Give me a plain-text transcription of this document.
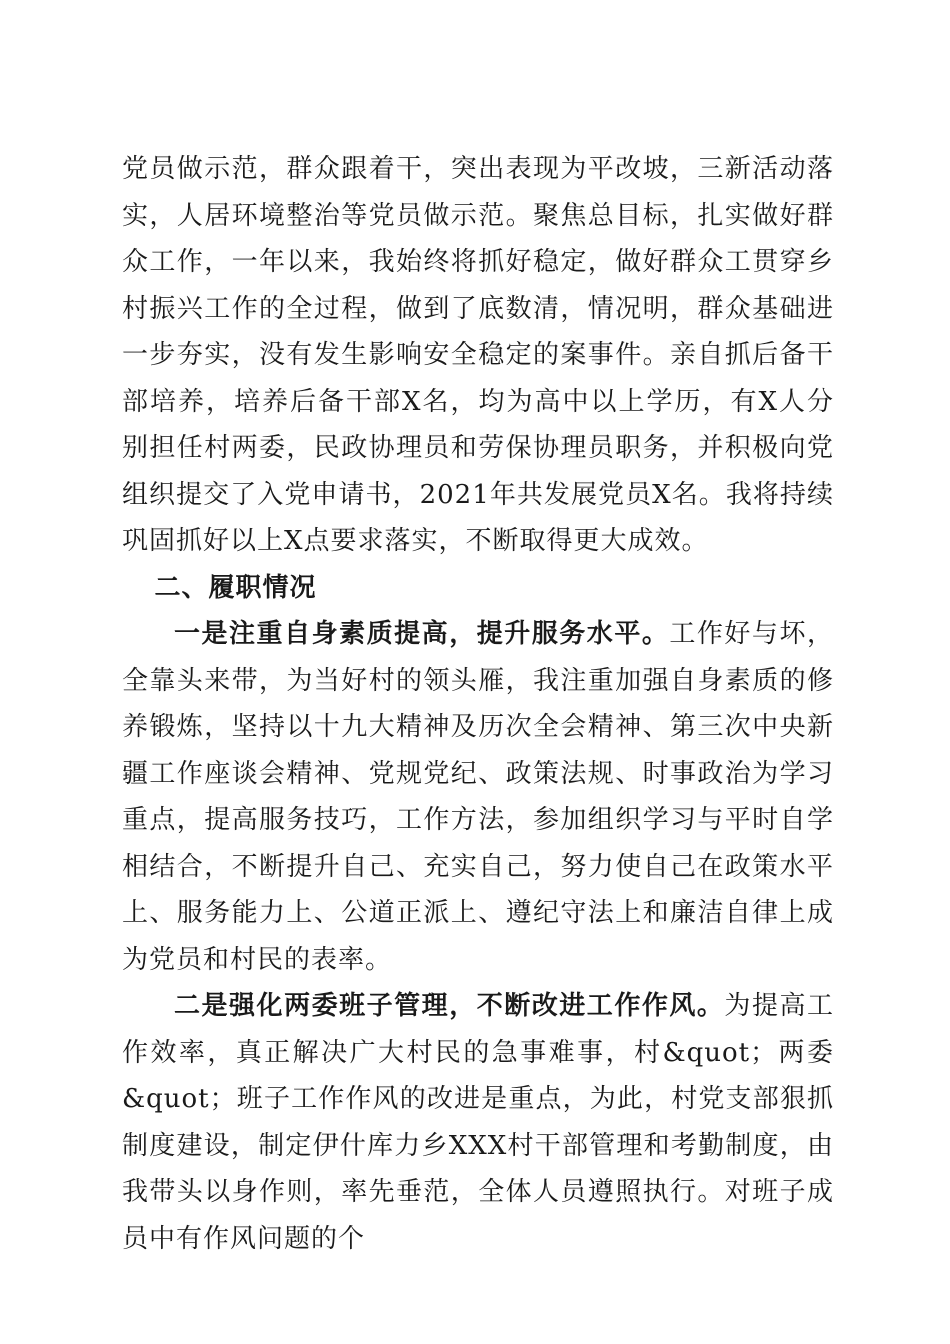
党员做示范，群众跟着干，突出表现为平改坡，三新活动落实，人居环境整治等党员做示范。聚焦总目标，扎实做好群众工作，一年以来，我始终将抓好稳定，做好群众工贯穿乡村振兴工作的全过程，做到了底数清，情况明，群众基础进一步夯实，没有发生影响安全稳定的案事件。亲自抓后备干部培养，培养后备干部X名，均为高中以上学历，有X人分别担任村两委，民政协理员和劳保协理员职务，并积极向党组织提交了入党申请书，2021年共发展党员X名。我将持续巩固抓好以上X点要求落实，不断取得更大成效。

二、履职情况

一是注重自身素质提高，提升服务水平。工作好与坏，全靠头来带，为当好村的领头雁，我注重加强自身素质的修养锻炼，坚持以十九大精神及历次全会精神、第三次中央新疆工作座谈会精神、党规党纪、政策法规、时事政治为学习重点，提高服务技巧，工作方法，参加组织学习与平时自学相结合，不断提升自己、充实自己，努力使自己在政策水平上、服务能力上、公道正派上、遵纪守法上和廉洁自律上成为党员和村民的表率。

二是强化两委班子管理，不断改进工作作风。为提高工作效率，真正解决广大村民的急事难事，村&quot；两委&quot；班子工作作风的改进是重点，为此，村党支部狠抓制度建设，制定伊什库力乡XXX村干部管理和考勤制度，由我带头以身作则，率先垂范，全体人员遵照执行。对班子成员中有作风问题的个
